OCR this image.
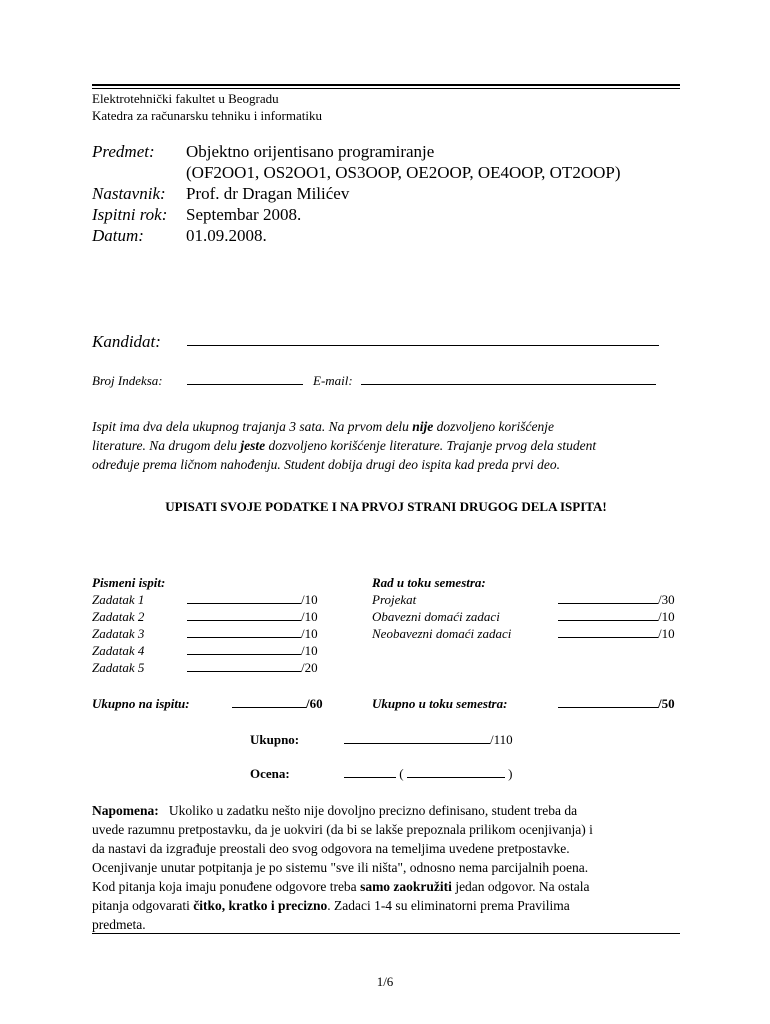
Elektrotehnički fakultet u Beogradu
Katedra za računarsku tehniku i informatiku
Predmet: Objektno orijentisano programiranje
(OF2OO1, OS2OO1, OS3OOP, OE2OOP, OE4OOP, OT2OOP)
Nastavnik: Prof. dr Dragan Milićev
Ispitni rok: Septembar 2008.
Datum: 01.09.2008.
Kandidat:
Broj Indeksa:	E-mail:
Ispit ima dva dela ukupnog trajanja 3 sata. Na prvom delu nije dozvoljeno korišćenje
literature. Na drugom delu jeste dozvoljeno korišćenje literature. Trajanje prvog dela student
određuje prema ličnom nahođenju. Student dobija drugi deo ispita kad preda prvi deo.
UPISATI SVOJE PODATKE I NA PRVOJ STRANI DRUGOG DELA ISPITA!
Pismeni ispit:
Zadatak 1	/10
Zadatak 2	/10
Zadatak 3	/10
Zadatak 4	/10
Zadatak 5	/20
Ukupno na ispitu:	/60
Rad u toku semestra:
Projekat	/30
Obavezni domaći zadaci	/10
Neobavezni domaći zadaci	/10
Ukupno u toku semestra:	/50
Ukupno:	/110
Ocena:	(	)
Napomena: Ukoliko u zadatku nešto nije dovoljno precizno definisano, student treba da
uvede razumnu pretpostavku, da je uokviri (da bi se lakše prepoznala prilikom ocenjivanja) i
da nastavi da izgrađuje preostali deo svog odgovora na temeljima uvedene pretpostavke.
Ocenjivanje unutar potpitanja je po sistemu "sve ili ništa", odnosno nema parcijalnih poena.
Kod pitanja koja imaju ponuđene odgovore treba samo zaokružiti jedan odgovor. Na ostala
pitanja odgovarati čitko, kratko i precizno. Zadaci 1-4 su eliminatorni prema Pravilima
predmeta.
1/6
